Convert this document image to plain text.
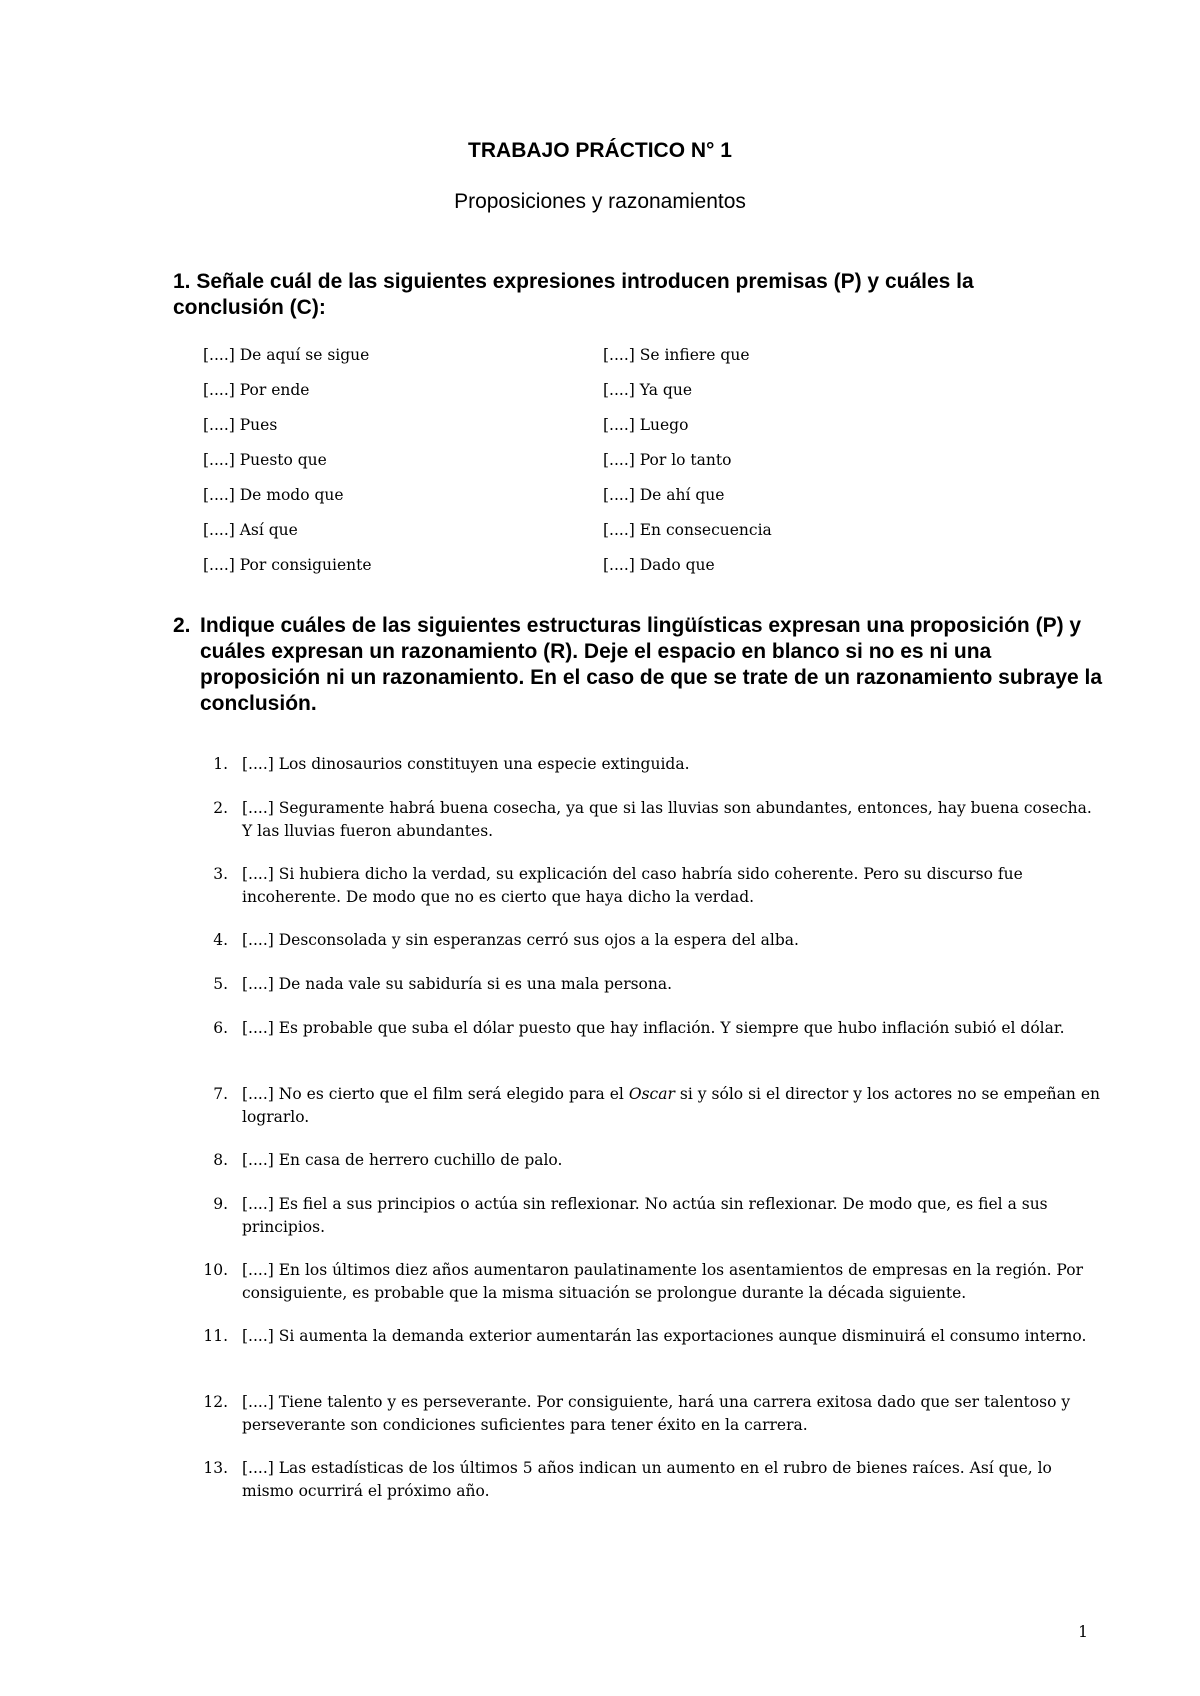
TRABAJO PRÁCTICO N° 1
Proposiciones y razonamientos

1. Señale cuál de las siguientes expresiones introducen premisas (P) y cuáles la conclusión (C):

[....] De aquí se sigue
[....] Por ende
[....] Pues
[....] Puesto que
[....] De modo que
[....] Así que
[....] Por consiguiente
[....] Se infiere que
[....] Ya que
[....] Luego
[....] Por lo tanto
[....] De ahí que
[....] En consecuencia
[....] Dado que
2. Indique cuáles de las siguientes estructuras lingüísticas expresan una proposición (P) y cuáles expresan un razonamiento (R). Deje el espacio en blanco si no es ni una proposición ni un razonamiento. En el caso de que se trate de un razonamiento subraye la conclusión.
1. [....] Los dinosaurios constituyen una especie extinguida.
2. [....] Seguramente habrá buena cosecha, ya que si las lluvias son abundantes, entonces, hay buena cosecha. Y las lluvias fueron abundantes.
3. [....] Si hubiera dicho la verdad, su explicación del caso habría sido coherente. Pero su discurso fue incoherente. De modo que no es cierto que haya dicho la verdad.
4. [....] Desconsolada y sin esperanzas cerró sus ojos a la espera del alba.
5. [....] De nada vale su sabiduría si es una mala persona.
6. [....] Es probable que suba el dólar puesto que hay inflación. Y siempre que hubo inflación subió el dólar.
7. [....] No es cierto que el film será elegido para el Oscar si y sólo si el director y los actores no se empeñan en lograrlo.
8. [....] En casa de herrero cuchillo de palo.
9. [....] Es fiel a sus principios o actúa sin reflexionar. No actúa sin reflexionar. De modo que, es fiel a sus principios.
10. [....] En los últimos diez años aumentaron paulatinamente los asentamientos de empresas en la región. Por consiguiente, es probable que la misma situación se prolongue durante la década siguiente.
11. [....] Si aumenta la demanda exterior aumentarán las exportaciones aunque disminuirá el consumo interno.
12. [....] Tiene talento y es perseverante. Por consiguiente, hará una carrera exitosa dado que ser talentoso y perseverante son condiciones suficientes para tener éxito en la carrera.
13. [....] Las estadísticas de los últimos 5 años indican un aumento en el rubro de bienes raíces. Así que, lo mismo ocurrirá el próximo año.
1
